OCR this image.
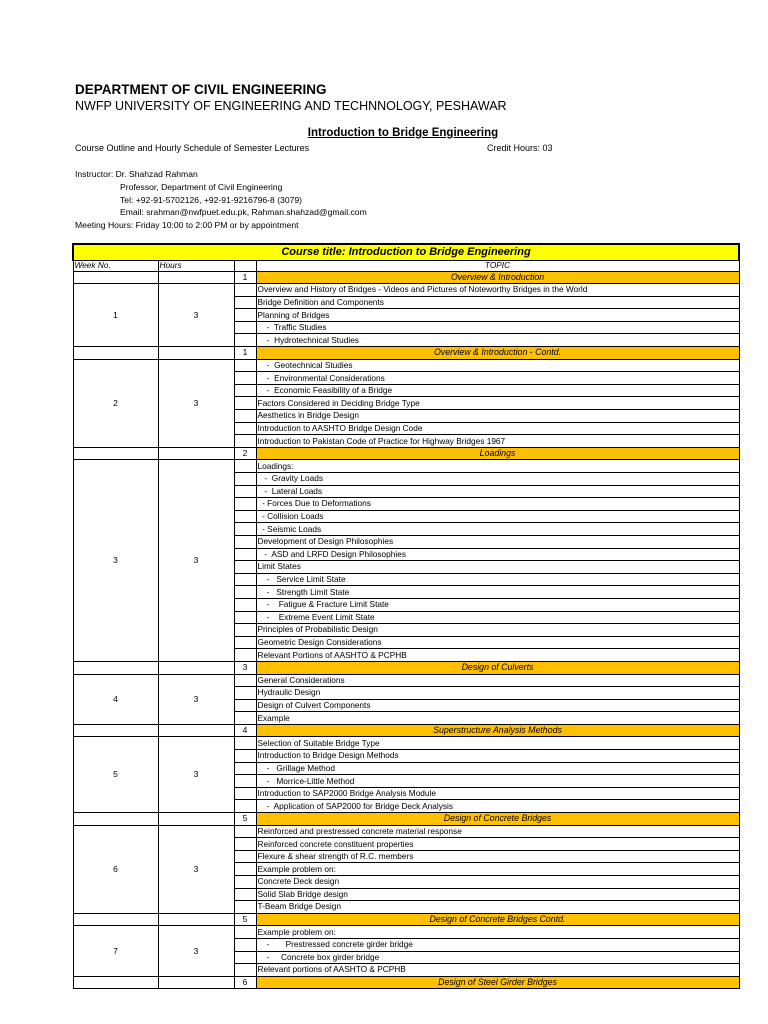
DEPARTMENT OF CIVIL ENGINEERING
NWFP UNIVERSITY OF ENGINEERING AND TECHNNOLOGY, PESHAWAR
Introduction to Bridge Engineering
Course Outline and Hourly Schedule of Semester Lectures	Credit Hours: 03
Instructor: Dr. Shahzad Rahman
Professor, Department of Civil Engineering
Tel: +92-91-5702126, +92-91-9216796-8 (3079)
Email: srahman@nwfpuet.edu.pk, Rahman.shahzad@gmail.com
Meeting Hours: Friday 10:00 to 2:00 PM or by appointment
Course title: Introduction to Bridge Engineering			
Week No.	Hours		TOPIC
		1	Overview & Introduction
1	3		Overview and History of Bridges - Videos and Pictures of Noteworthy Bridges in the World
			Bridge Definition and Components
			Planning of Bridges
			-  Traffic Studies
			-  Hydrotechnical Studies
		1	Overview & Introduction - Contd.
2	3		-  Geotechnical Studies
			-  Environmental Considerations
			-  Economic Feasibility of a Bridge
			Factors Considered in Deciding Bridge Type
			Aesthetics in Bridge Design
			Introduction to AASHTO Bridge Design Code
			Introduction to Pakistan Code of Practice for Highway Bridges 1967
		2	Loadings
3	3		Loadings:
			-  Gravity Loads
			-  Lateral Loads
			- Forces Due to Deformations
			- Collision Loads
			- Seismic Loads
			Development of Design Philosophies
			-  ASD and LRFD Design Philosophies
			Limit States
			-   Service Limit State
			-   Strength Limit State
			-    Fatigue & Fracture Limit State
			-    Extreme Event Limit State
			Principles of Probabilistic Design
			Geometric Design Considerations
			Relevant Portions of AASHTO & PCPHB
		3	Design of Culverts
4	3		General Considerations
			Hydraulic Design
			Design of Culvert Components
			Example
		4	Superstructure Analysis Methods
5	3		Selection of Suitable Bridge Type
			Introduction to Bridge Design Methods
			-   Grillage Method
			-   Morrice-Little Method
			Introduction to SAP2000 Bridge Analysis Module
			-  Application of SAP2000 for Bridge Deck Analysis
		5	Design of Concrete Bridges
6	3		Reinforced and prestressed concrete material response
			Reinforced concrete constituent properties
			Flexure & shear strength of R.C. members
			Example problem on:
			Concrete Deck design
			Solid Slab Bridge design
			T-Beam Bridge Design
		5	Design of Concrete Bridges Contd.
7	3		Example problem on:
			-       Prestressed concrete girder bridge
			-     Concrete box girder bridge
			Relevant portions of AASHTO & PCPHB
		6	Design of Steel Girder Bridges
